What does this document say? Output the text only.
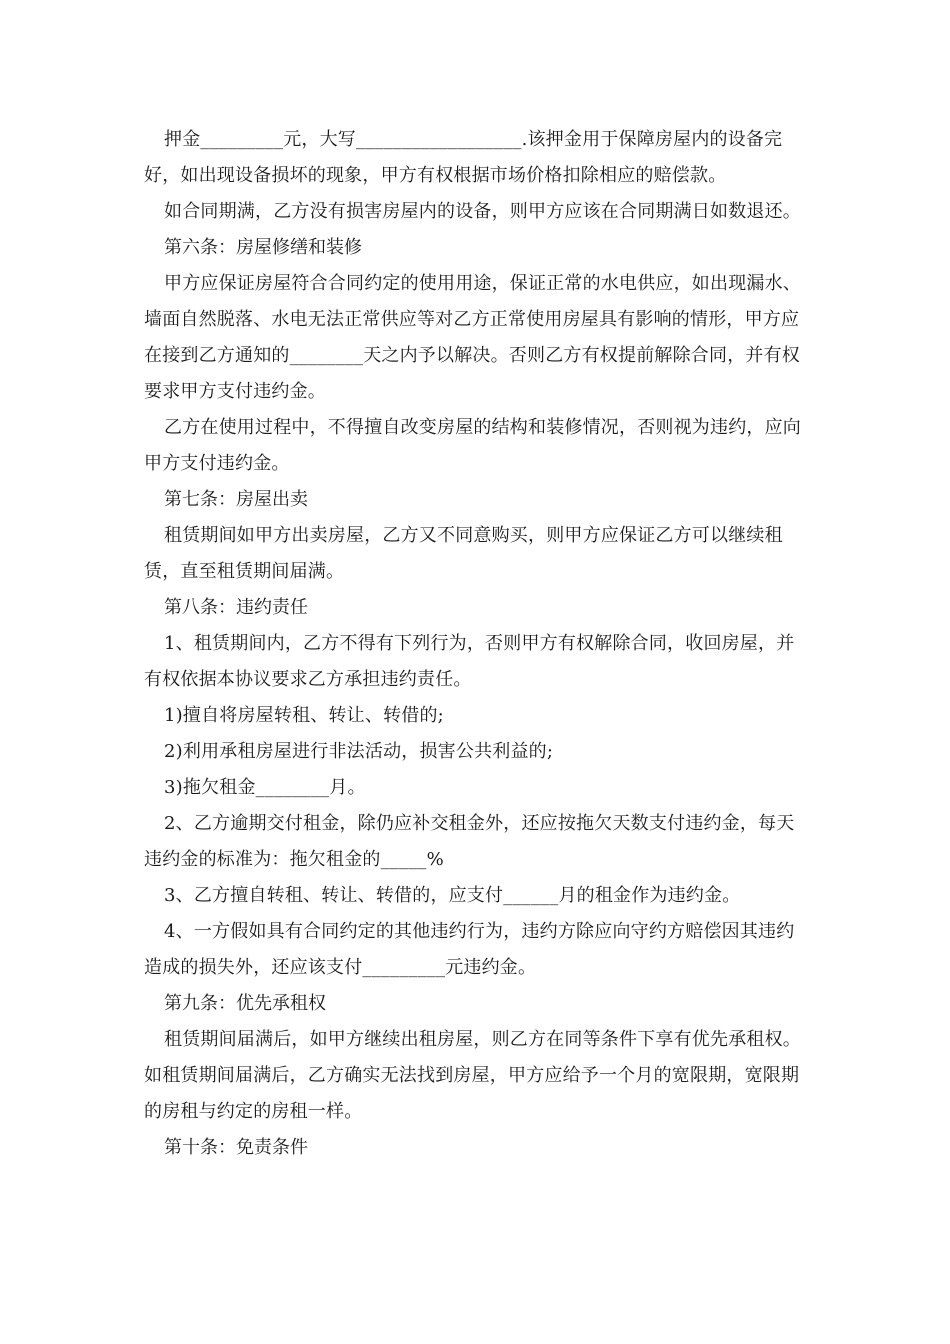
押金_________元，大写__________________.该押金用于保障房屋内的设备完好，如出现设备损坏的现象，甲方有权根据市场价格扣除相应的赔偿款。

如合同期满，乙方没有损害房屋内的设备，则甲方应该在合同期满日如数退还。

第六条：房屋修缮和装修

甲方应保证房屋符合合同约定的使用用途，保证正常的水电供应，如出现漏水、墙面自然脱落、水电无法正常供应等对乙方正常使用房屋具有影响的情形，甲方应在接到乙方通知的________天之内予以解决。否则乙方有权提前解除合同，并有权要求甲方支付违约金。

乙方在使用过程中，不得擅自改变房屋的结构和装修情况，否则视为违约，应向甲方支付违约金。

第七条：房屋出卖

租赁期间如甲方出卖房屋，乙方又不同意购买，则甲方应保证乙方可以继续租赁，直至租赁期间届满。

第八条：违约责任

1、租赁期间内，乙方不得有下列行为，否则甲方有权解除合同，收回房屋，并有权依据本协议要求乙方承担违约责任。

1)擅自将房屋转租、转让、转借的;

2)利用承租房屋进行非法活动，损害公共利益的;

3)拖欠租金________月。

2、乙方逾期交付租金，除仍应补交租金外，还应按拖欠天数支付违约金，每天违约金的标准为：拖欠租金的_____%

3、乙方擅自转租、转让、转借的，应支付______月的租金作为违约金。

4、一方假如具有合同约定的其他违约行为，违约方除应向守约方赔偿因其违约造成的损失外，还应该支付_________元违约金。

第九条：优先承租权

租赁期间届满后，如甲方继续出租房屋，则乙方在同等条件下享有优先承租权。如租赁期间届满后，乙方确实无法找到房屋，甲方应给予一个月的宽限期，宽限期的房租与约定的房租一样。

第十条：免责条件
